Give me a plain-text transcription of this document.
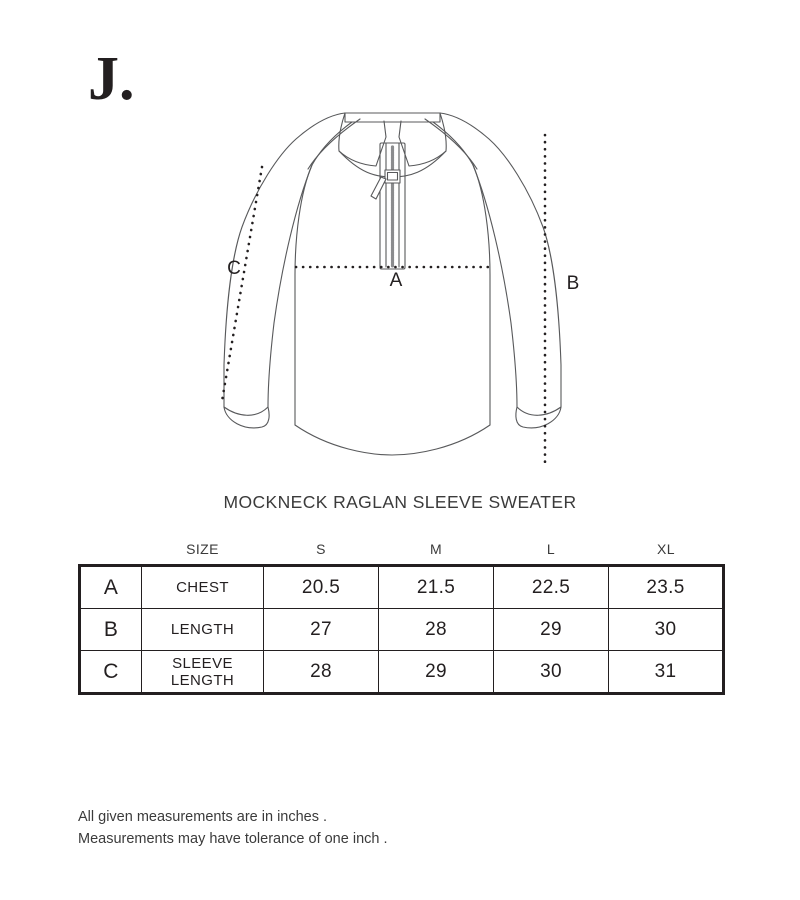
J.
A	B
C
MOCKNECK RAGLAN SLEEVE SWEATER
	SIZE	S	M	L	XL
A	CHEST	20.5	21.5	22.5	23.5
B	LENGTH	27	28	29	30
C	SLEEVE LENGTH	28	29	30	31
All given measurements are in inches .
Measurements may have tolerance of one inch .
